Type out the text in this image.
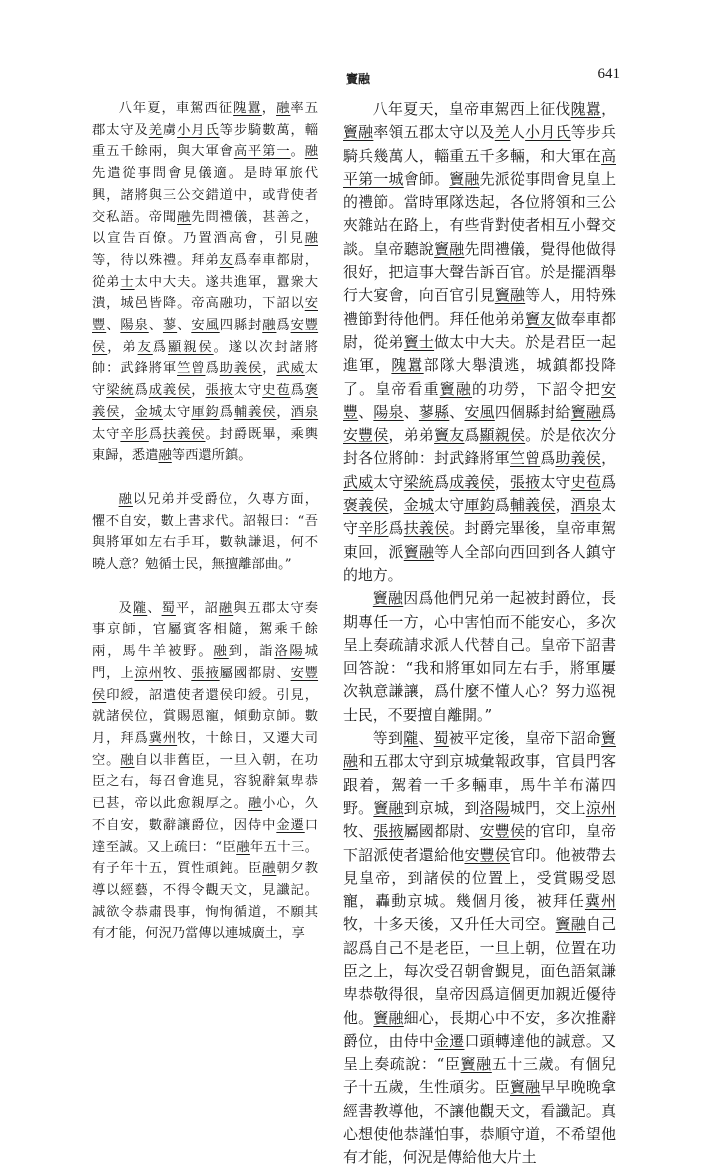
竇融	641

八年夏，車駕西征隗囂，融率五郡太守及羌虜小月氏等步騎數萬，輜重五千餘兩，與大軍會高平第一。融先遣從事問會見儀適。是時軍旅代興，諸將與三公交錯道中，或背使者交私語。帝聞融先問禮儀，甚善之，以宣告百僚。乃置酒高會，引見融等，待以殊禮。拜弟友爲奉車都尉，從弟士太中大夫。遂共進軍，囂衆大潰，城邑皆降。帝高融功，下詔以安豐、陽泉、蓼、安風四縣封融爲安豐侯，弟友爲顯親侯。遂以次封諸將帥：武鋒將軍竺曾爲助義侯，武威太守梁統爲成義侯，張掖太守史苞爲褒義侯，金城太守厙鈞爲輔義侯，酒泉太守辛肜爲扶義侯。封爵既畢，乘輿東歸，悉遣融等西還所鎮。

融以兄弟并受爵位，久專方面，懼不自安，數上書求代。詔報曰：“吾與將軍如左右手耳，數執謙退，何不曉人意？勉循士民，無擅離部曲。”

及隴、蜀平，詔融與五郡太守奏事京師，官屬賓客相隨，駕乘千餘兩，馬牛羊被野。融到，詣洛陽城門，上涼州牧、張掖屬國都尉、安豐侯印綬，詔遣使者還侯印綬。引見，就諸侯位，賞賜恩寵，傾動京師。數月，拜爲冀州牧，十餘日，又遷大司空。融自以非舊臣，一旦入朝，在功臣之右，每召會進見，容貌辭氣卑恭已甚，帝以此愈親厚之。融小心，久不自安，數辭讓爵位，因侍中金遷口達至誠。又上疏曰：“臣融年五十三。有子年十五，質性頑鈍。臣融朝夕教導以經藝，不得令觀天文，見讖記。誠欲令恭肅畏事，恂恂循道，不願其有才能，何況乃當傳以連城廣土，享

八年夏天，皇帝車駕西上征伐隗囂，竇融率領五郡太守以及羌人小月氏等步兵騎兵幾萬人，輜重五千多輛，和大軍在高平第一城會師。竇融先派從事問會見皇上的禮節。當時軍隊迭起，各位將領和三公夾雜站在路上，有些背對使者相互小聲交談。皇帝聽說竇融先問禮儀，覺得他做得很好，把這事大聲告訴百官。於是擺酒舉行大宴會，向百官引見竇融等人，用特殊禮節對待他們。拜任他弟弟竇友做奉車都尉，從弟竇士做太中大夫。於是君臣一起進軍，隗囂部隊大舉潰逃，城鎮都投降了。皇帝看重竇融的功勞，下詔令把安豐、陽泉、蓼縣、安風四個縣封給竇融爲安豐侯，弟弟竇友爲顯親侯。於是依次分封各位將帥：封武鋒將軍竺曾爲助義侯，武威太守梁統爲成義侯，張掖太守史苞爲褒義侯，金城太守厙鈞爲輔義侯，酒泉太守辛肜爲扶義侯。封爵完畢後，皇帝車駕東回，派竇融等人全部向西回到各人鎮守的地方。

竇融因爲他們兄弟一起被封爵位，長期專任一方，心中害怕而不能安心，多次呈上奏疏請求派人代替自己。皇帝下詔書回答說：“我和將軍如同左右手，將軍屢次執意謙讓，爲什麼不懂人心？努力巡視士民，不要擅自離開。”

等到隴、蜀被平定後，皇帝下詔命竇融和五郡太守到京城彙報政事，官員門客跟着，駕着一千多輛車，馬牛羊布滿四野。竇融到京城，到洛陽城門，交上涼州牧、張掖屬國都尉、安豐侯的官印，皇帝下詔派使者還給他安豐侯官印。他被帶去見皇帝，到諸侯的位置上，受賞賜受恩寵，轟動京城。幾個月後，被拜任冀州牧，十多天後，又升任大司空。竇融自己認爲自己不是老臣，一旦上朝，位置在功臣之上，每次受召朝會覲見，面色語氣謙卑恭敬得很，皇帝因爲這個更加親近優待他。竇融細心，長期心中不安，多次推辭爵位，由侍中金遷口頭轉達他的誠意。又呈上奏疏說：“臣竇融五十三歲。有個兒子十五歲，生性頑劣。臣竇融早早晚晚拿經書教導他，不讓他觀天文，看讖記。真心想使他恭謹怕事，恭順守道，不希望他有才能，何況是傳給他大片土
